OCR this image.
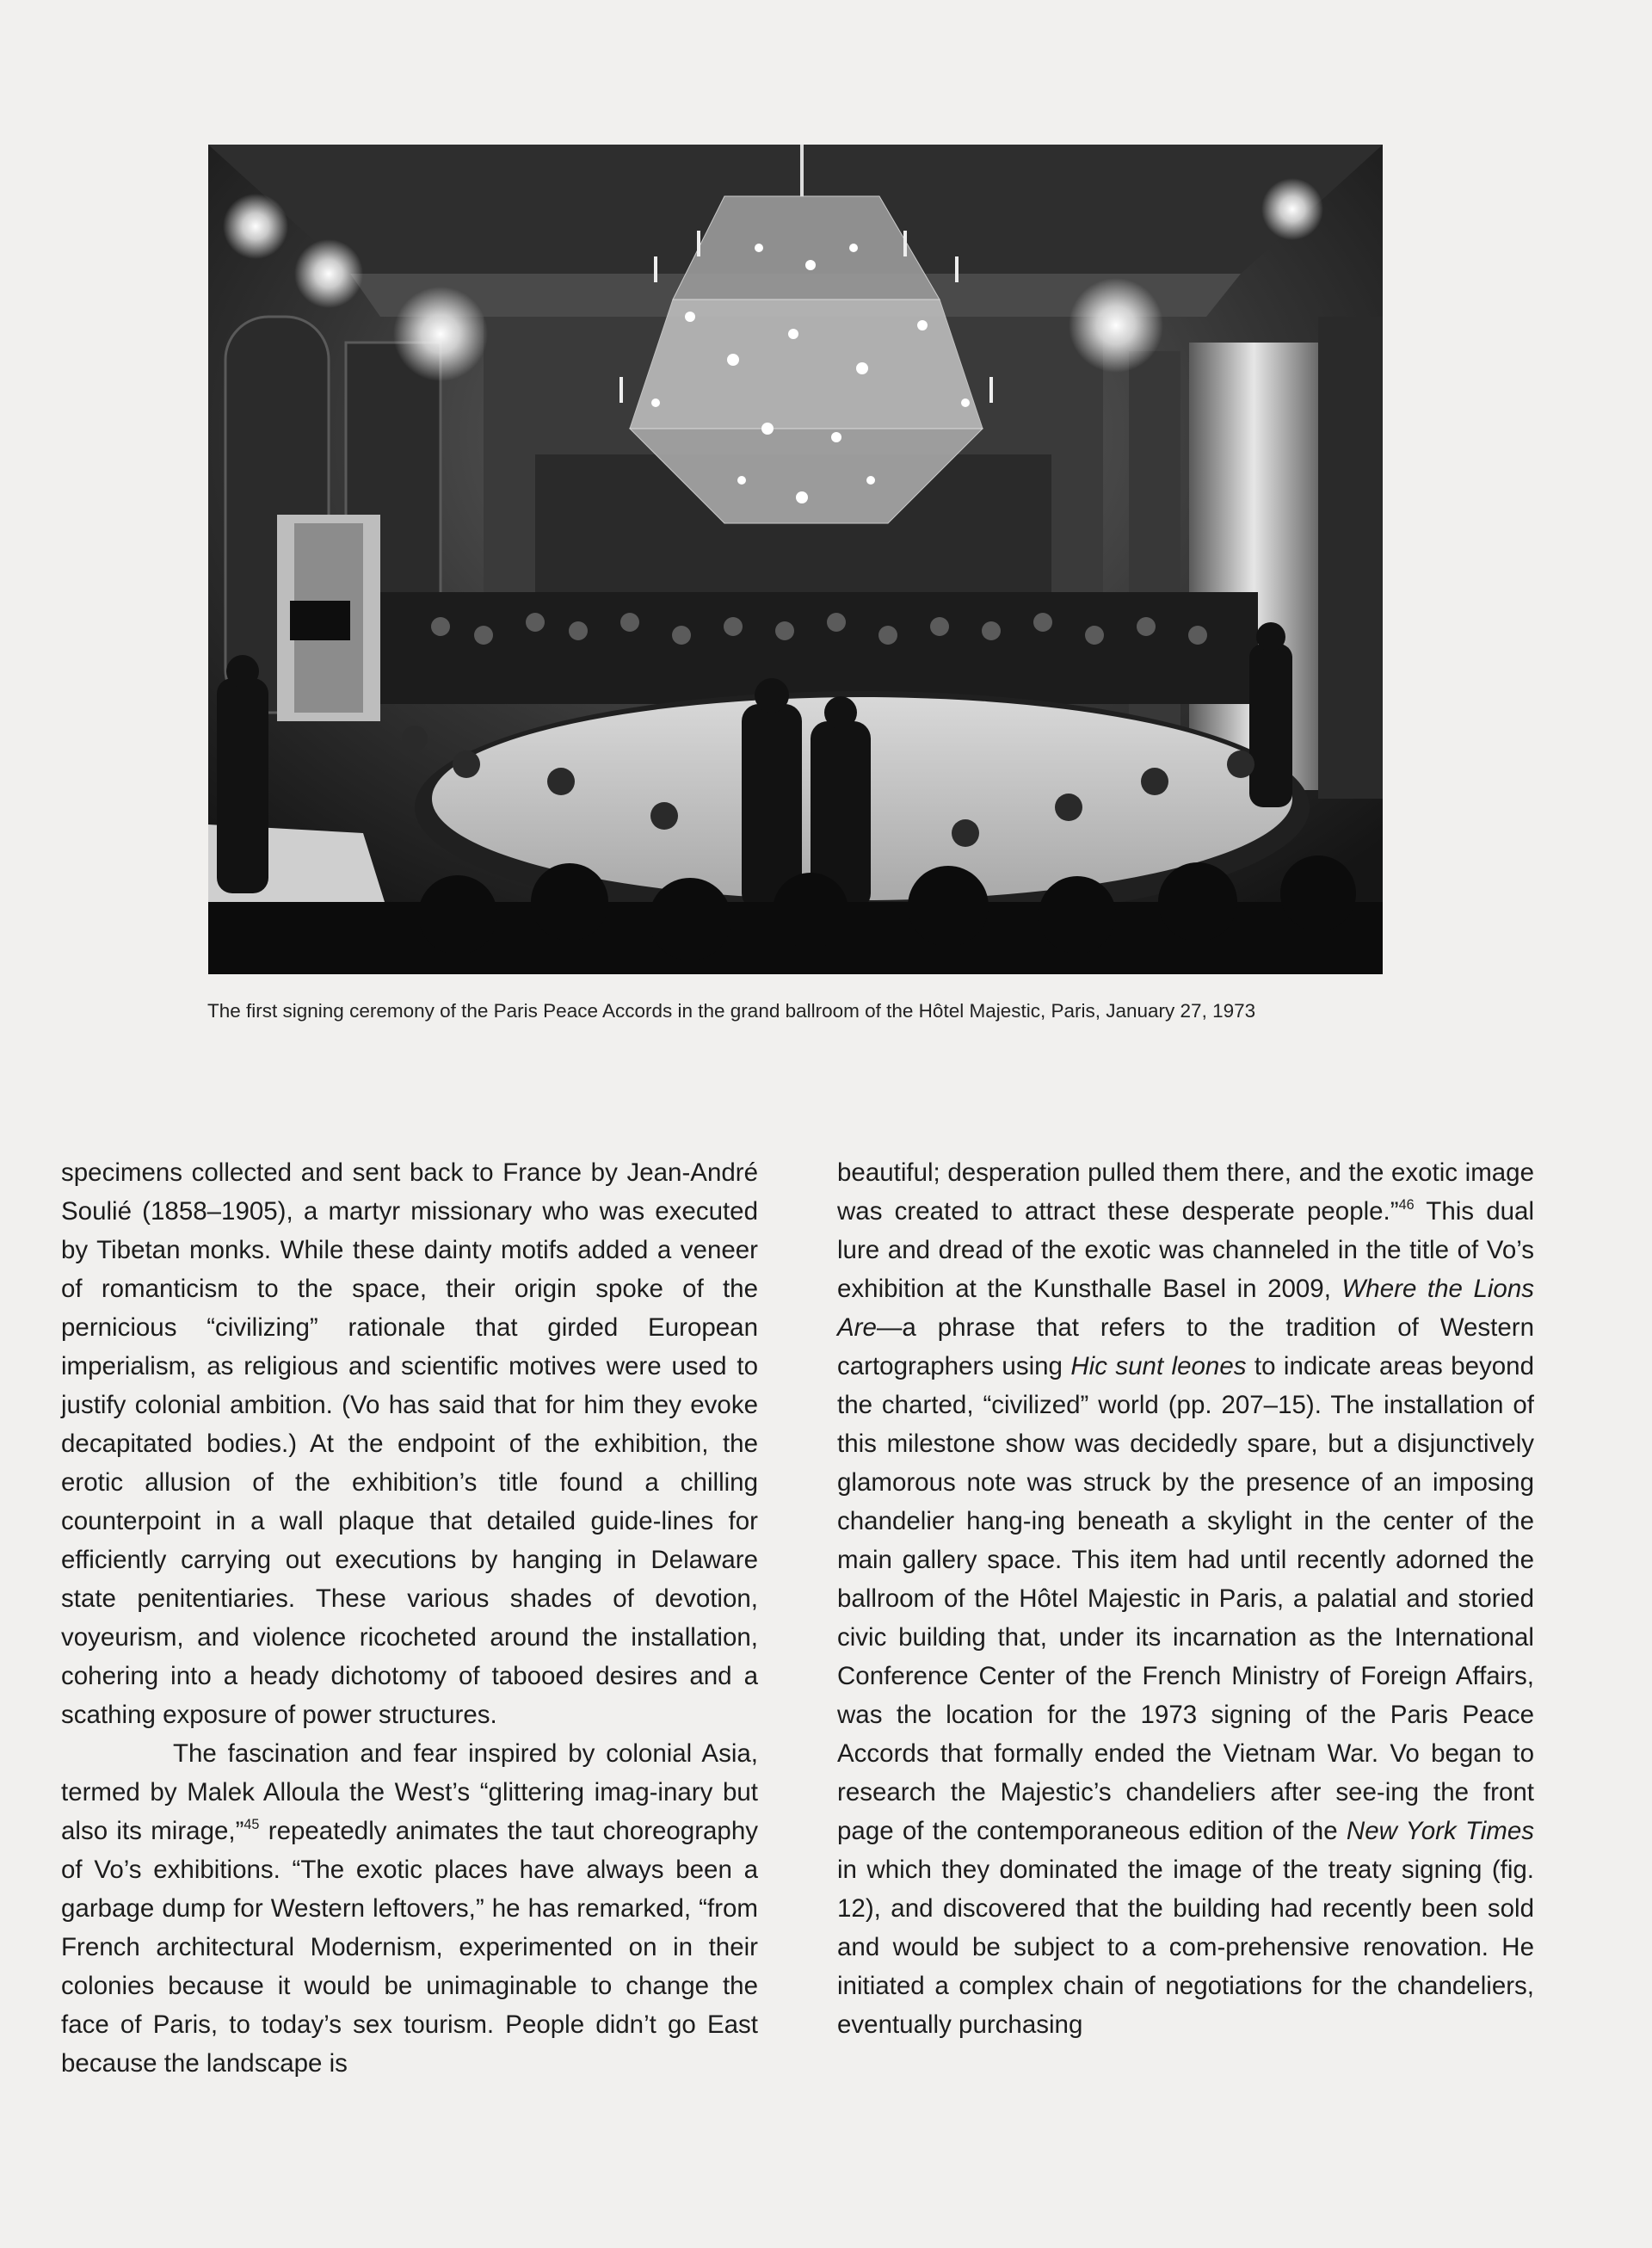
The first signing ceremony of the Paris Peace Accords in the grand ballroom of the Hôtel Majestic, Paris, January 27, 1973

specimens collected and sent back to France by Jean-André Soulié (1858–1905), a martyr missionary who was executed by Tibetan monks. While these dainty motifs added a veneer of romanticism to the space, their origin spoke of the pernicious “civilizing” rationale that girded European imperialism, as religious and scientific motives were used to justify colonial ambition. (Vo has said that for him they evoke decapitated bodies.) At the endpoint of the exhibition, the erotic allusion of the exhibition’s title found a chilling counterpoint in a wall plaque that detailed guide-lines for efficiently carrying out executions by hanging in Delaware state penitentiaries. These various shades of devotion, voyeurism, and violence ricocheted around the installation, cohering into a heady dichotomy of tabooed desires and a scathing exposure of power structures.

The fascination and fear inspired by colonial Asia, termed by Malek Alloula the West’s “glittering imag-inary but also its mirage,”$^{45}$ repeatedly animates the taut choreography of Vo’s exhibitions. “The exotic places have always been a garbage dump for Western leftovers,” he has remarked, “from French architectural Modernism, experimented on in their colonies because it would be unimaginable to change the face of Paris, to today’s sex tourism. People didn’t go East because the landscape is

beautiful; desperation pulled them there, and the exotic image was created to attract these desperate people.”$^{46}$ This dual lure and dread of the exotic was channeled in the title of Vo’s exhibition at the Kunsthalle Basel in 2009, Where the Lions Are—a phrase that refers to the tradition of Western cartographers using Hic sunt leones to indicate areas beyond the charted, “civilized” world (pp. 207–15). The installation of this milestone show was decidedly spare, but a disjunctively glamorous note was struck by the presence of an imposing chandelier hang-ing beneath a skylight in the center of the main gallery space. This item had until recently adorned the ballroom of the Hôtel Majestic in Paris, a palatial and storied civic building that, under its incarnation as the International Conference Center of the French Ministry of Foreign Affairs, was the location for the 1973 signing of the Paris Peace Accords that formally ended the Vietnam War. Vo began to research the Majestic’s chandeliers after see-ing the front page of the contemporaneous edition of the New York Times in which they dominated the image of the treaty signing (fig. 12), and discovered that the building had recently been sold and would be subject to a com-prehensive renovation. He initiated a complex chain of negotiations for the chandeliers, eventually purchasing
